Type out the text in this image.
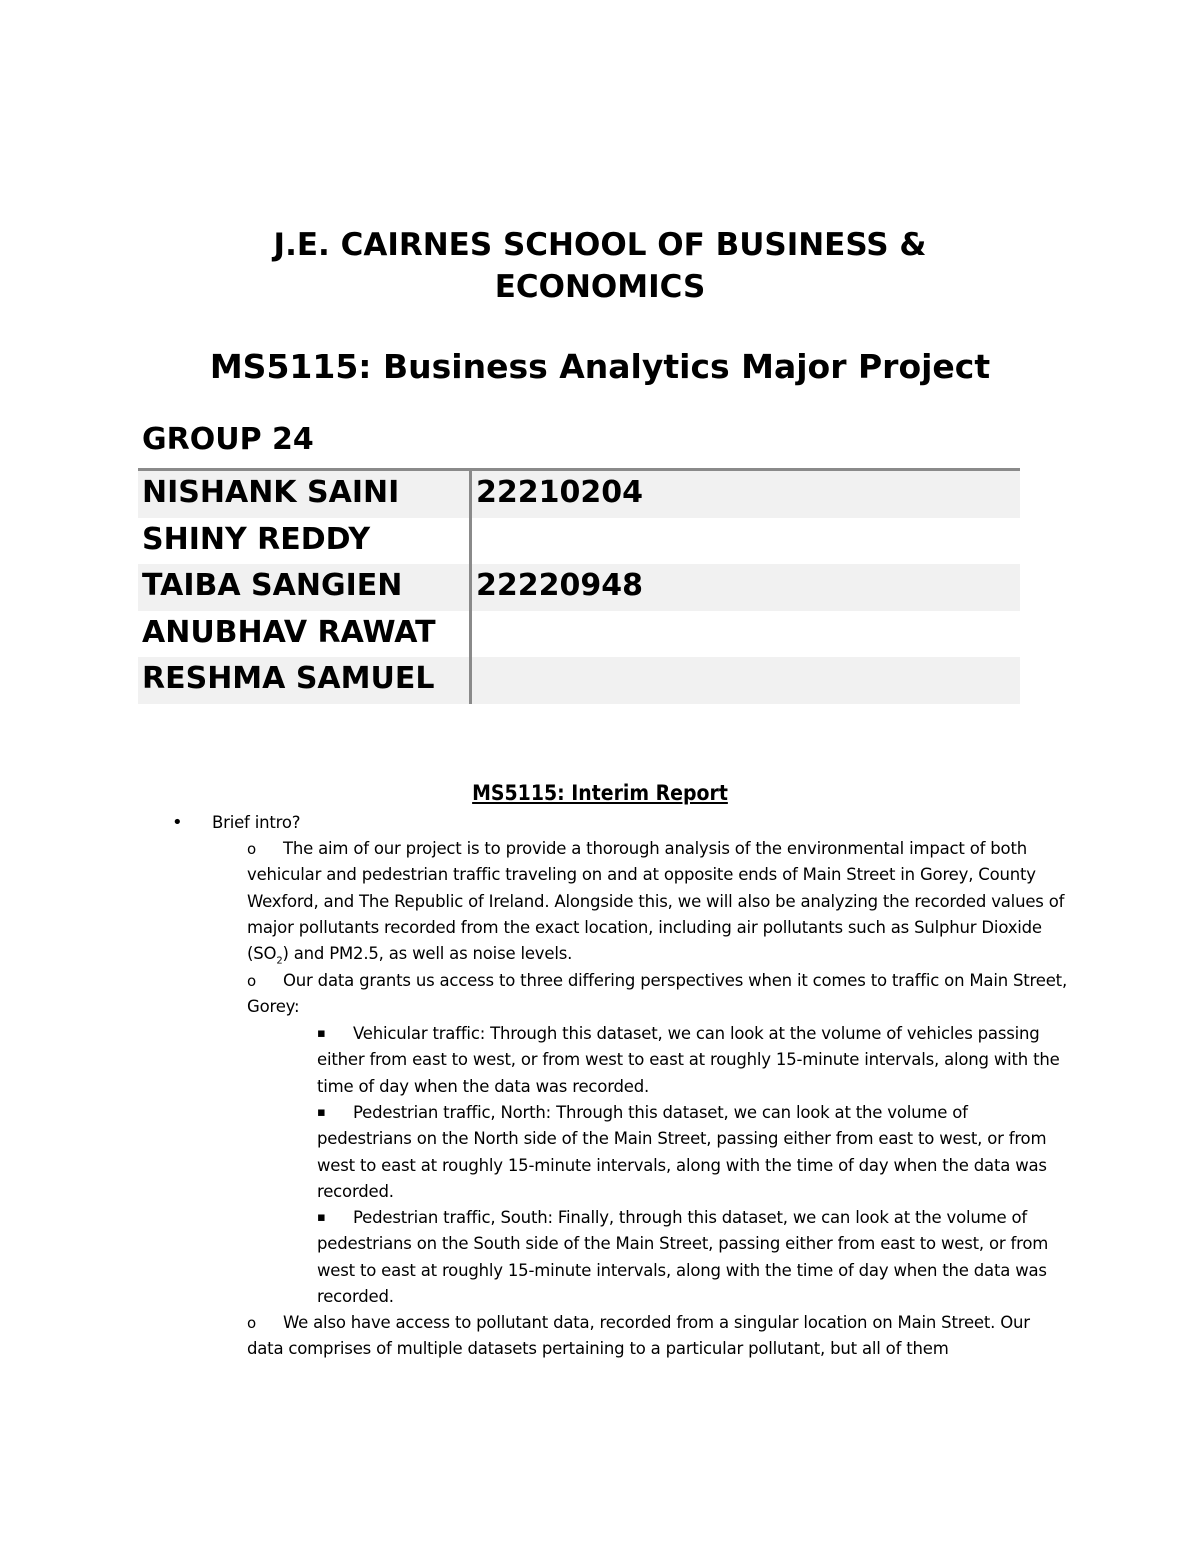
J.E. CAIRNES SCHOOL OF BUSINESS &
ECONOMICS
MS5115: Business Analytics Major Project
GROUP 24
NISHANK SAINI	22210204
SHINY REDDY
TAIBA SANGIEN	22220948
ANUBHAV RAWAT
RESHMA SAMUEL
MS5115: Interim Report
• Brief intro?
o	The aim of our project is to provide a thorough analysis of the environmental impact of both vehicular and pedestrian traffic traveling on and at opposite ends of Main Street in Gorey, County Wexford, and The Republic of Ireland. Alongside this, we will also be analyzing the recorded values of major pollutants recorded from the exact location, including air pollutants such as Sulphur Dioxide $(SO_2)$ and PM2.5, as well as noise levels.

o	Our data grants us access to three differing perspectives when it comes to traffic on Main Street, Gorey:

▪	Vehicular traffic: Through this dataset, we can look at the volume of vehicles passing either from east to west, or from west to east at roughly 15-minute intervals, along with the time of day when the data was recorded.

▪	Pedestrian traffic, North: Through this dataset, we can look at the volume of pedestrians on the North side of the Main Street, passing either from east to west, or from west to east at roughly 15-minute intervals, along with the time of day when the data was recorded.

▪	Pedestrian traffic, South: Finally, through this dataset, we can look at the volume of pedestrians on the South side of the Main Street, passing either from east to west, or from west to east at roughly 15-minute intervals, along with the time of day when the data was recorded.

o	We also have access to pollutant data, recorded from a singular location on Main Street. Our data comprises of multiple datasets pertaining to a particular pollutant, but all of them
